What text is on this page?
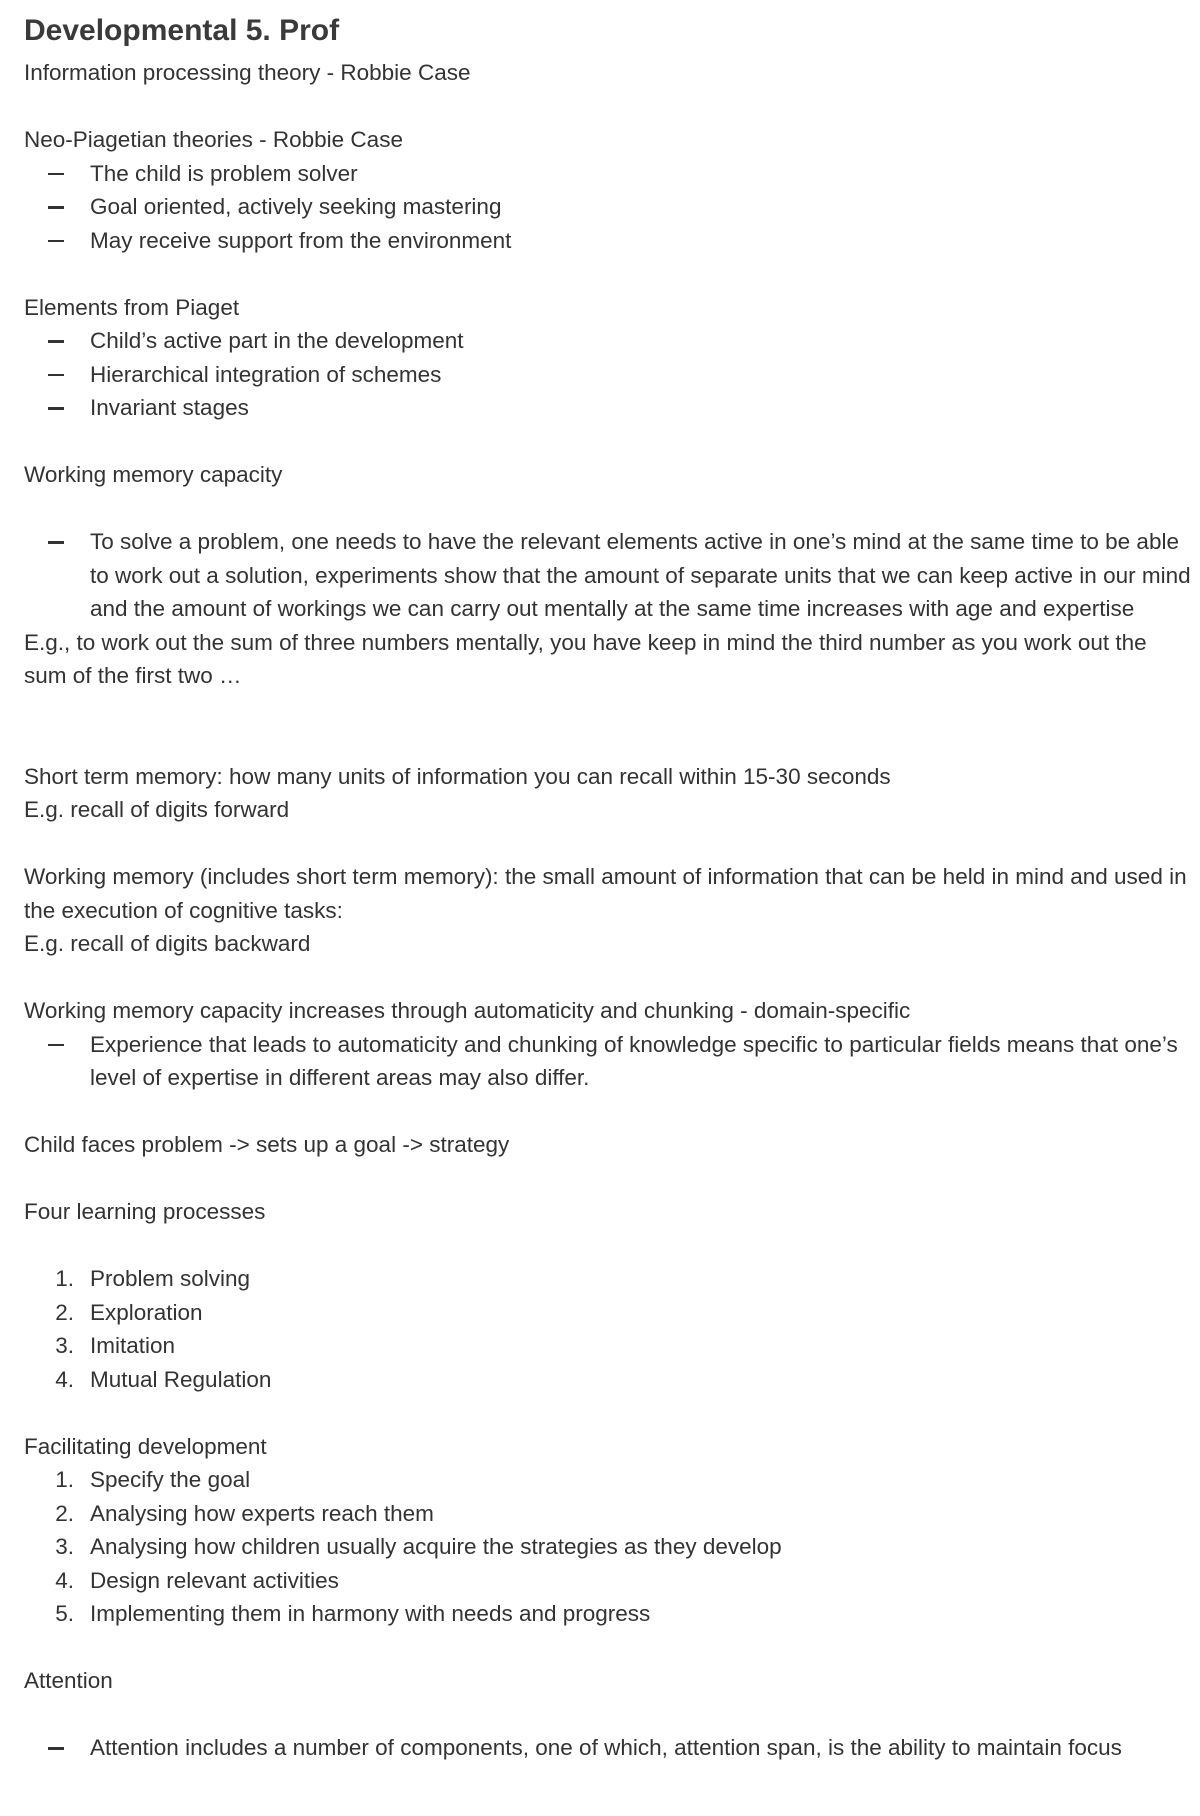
Developmental 5. Prof

Information processing theory - Robbie Case

Neo-Piagetian theories - Robbie Case

The child is problem solver
Goal oriented, actively seeking mastering
May receive support from the environment

Elements from Piaget

Child’s active part in the development
Hierarchical integration of schemes
Invariant stages

Working memory capacity

To solve a problem, one needs to have the relevant elements active in one’s mind at the same time to be able to work out a solution, experiments show that the amount of separate units that we can keep active in our mind and the amount of workings we can carry out mentally at the same time increases with age and expertise

E.g., to work out the sum of three numbers mentally, you have keep in mind the third number as you work out the sum of the first two …

Short term memory: how many units of information you can recall within 15-30 seconds

E.g. recall of digits forward

Working memory (includes short term memory): the small amount of information that can be held in mind and used in the execution of cognitive tasks:

E.g. recall of digits backward

Working memory capacity increases through automaticity and chunking - domain-specific

Experience that leads to automaticity and chunking of knowledge specific to particular fields means that one’s level of expertise in different areas may also differ.

Child faces problem -> sets up a goal -> strategy

Four learning processes

1. Problem solving
2. Exploration
3. Imitation
4. Mutual Regulation

Facilitating development

1. Specify the goal
2. Analysing how experts reach them
3. Analysing how children usually acquire the strategies as they develop
4. Design relevant activities
5. Implementing them in harmony with needs and progress

Attention

Attention includes a number of components, one of which, attention span, is the ability to maintain focus
